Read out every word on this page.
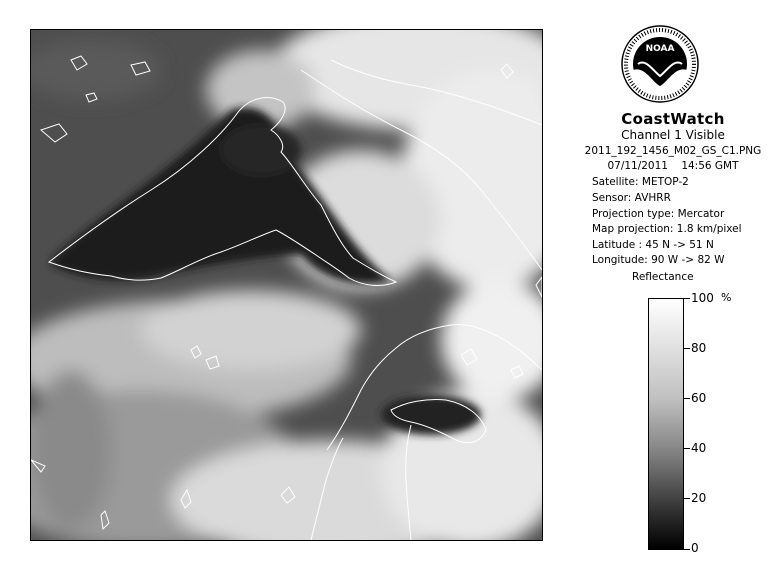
NOAA
CoastWatch
Channel 1 Visible
2011_192_1456_M02_GS_C1.PNG
07/11/2011    14:56 GMT
Satellite: METOP-2
Sensor: AVHRR
Projection type: Mercator
Map projection: 1.8 km/pixel
Latitude : 45 N -> 51 N
Longitude: 90 W -> 82 W
Reflectance
%
100
80
60
40
20
0
